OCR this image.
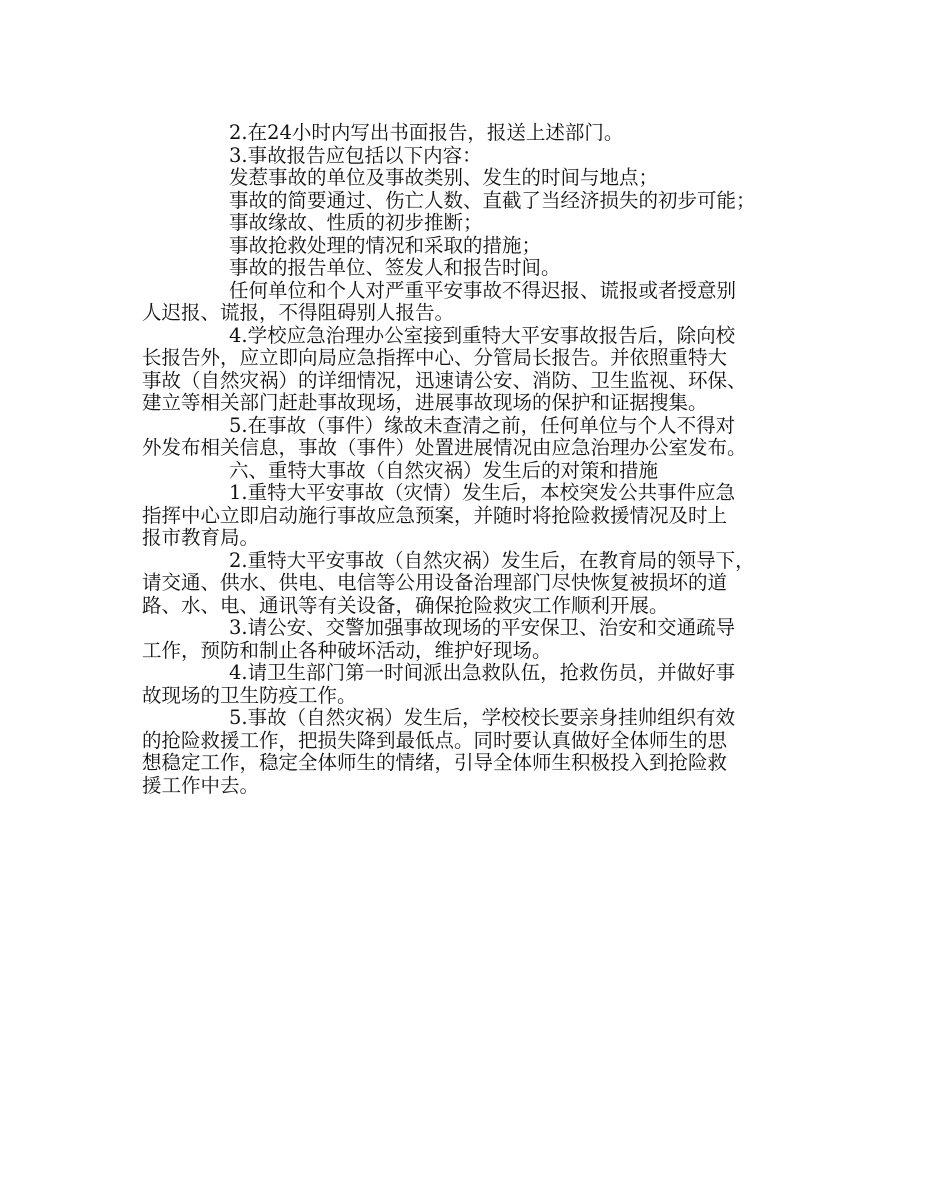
2.在24小时内写出书面报告，报送上述部门。
3.事故报告应包括以下内容：
发惹事故的单位及事故类别、发生的时间与地点；
事故的简要通过、伤亡人数、直截了当经济损失的初步可能；
事故缘故、性质的初步推断；
事故抢救处理的情况和采取的措施；
事故的报告单位、签发人和报告时间。
任何单位和个人对严重平安事故不得迟报、谎报或者授意别
人迟报、谎报，不得阻碍别人报告。
4.学校应急治理办公室接到重特大平安事故报告后，除向校
长报告外，应立即向局应急指挥中心、分管局长报告。并依照重特大
事故（自然灾祸）的详细情况，迅速请公安、消防、卫生监视、环保、
建立等相关部门赶赴事故现场，进展事故现场的保护和证据搜集。
5.在事故（事件）缘故未查清之前，任何单位与个人不得对
外发布相关信息，事故（事件）处置进展情况由应急治理办公室发布。
六、重特大事故（自然灾祸）发生后的对策和措施
1.重特大平安事故（灾情）发生后，本校突发公共事件应急
指挥中心立即启动施行事故应急预案，并随时将抢险救援情况及时上
报市教育局。
2.重特大平安事故（自然灾祸）发生后，在教育局的领导下，
请交通、供水、供电、电信等公用设备治理部门尽快恢复被损坏的道
路、水、电、通讯等有关设备，确保抢险救灾工作顺利开展。
3.请公安、交警加强事故现场的平安保卫、治安和交通疏导
工作，预防和制止各种破坏活动，维护好现场。
4.请卫生部门第一时间派出急救队伍，抢救伤员，并做好事
故现场的卫生防疫工作。
5.事故（自然灾祸）发生后，学校校长要亲身挂帅组织有效
的抢险救援工作，把损失降到最低点。同时要认真做好全体师生的思
想稳定工作，稳定全体师生的情绪，引导全体师生积极投入到抢险救
援工作中去。
